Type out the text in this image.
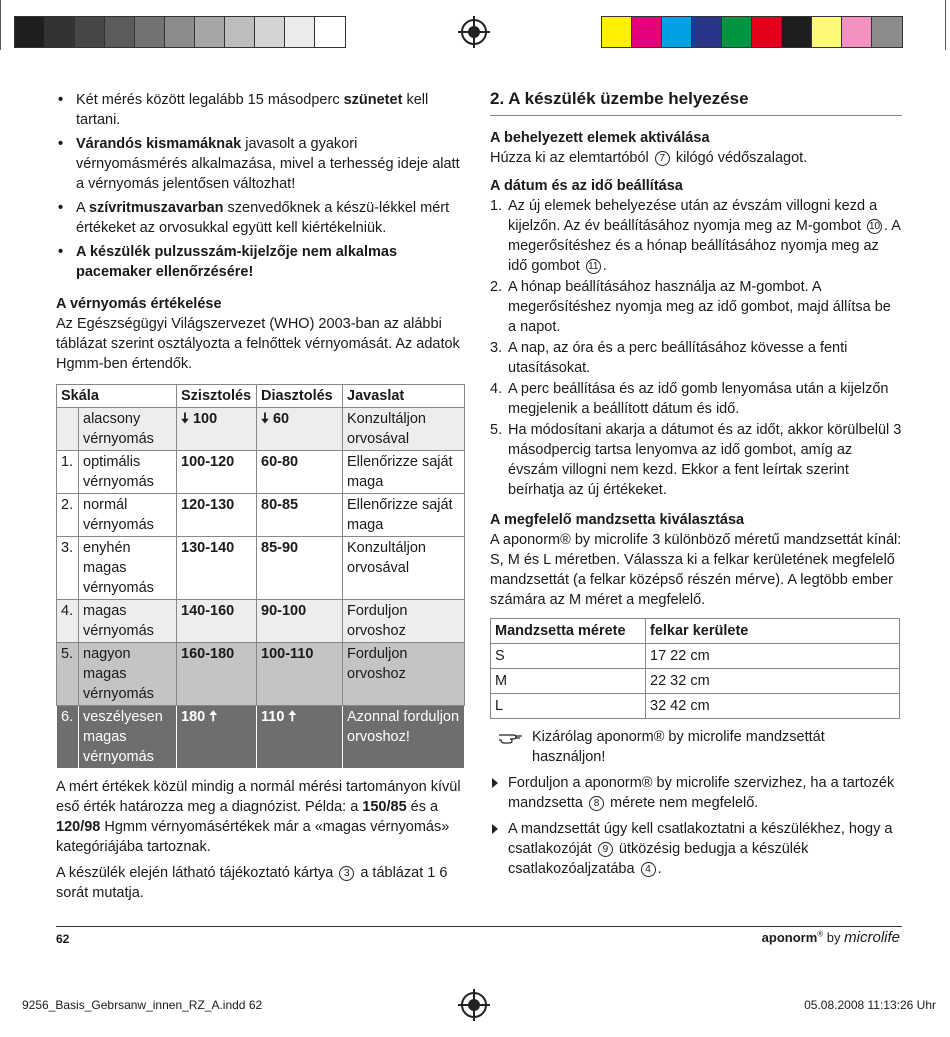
• Két mérés között legalább 15 másodperc szünetet kell tartani.
• Várandós kismamáknak javasolt a gyakori vérnyomásmérés alkalmazása, mivel a terhesség ideje alatt a vérnyomás jelentősen változhat!
• A szívritmuszavarban szenvedőknek a készü-lékkel mért értékeket az orvosukkal együtt kell kiértékelniük.
• A készülék pulzusszám-kijelzője nem alkalmas pacemaker ellenőrzésére!
A vérnyomás értékelése

Az Egészségügyi Világszervezet (WHO) 2003-ban az alábbi táblázat szerint osztályozta a felnőttek vérnyomását. Az adatok Hgmm-ben értendők.

Skála		Szisztolés	Diasztolés	Javaslat
	alacsony vérnyomás	🠇 100	🠇 60	Konzultáljon orvosával
1.	optimális vérnyomás	100-120	60-80	Ellenőrizze saját maga
2.	normál vérnyomás	120-130	80-85	Ellenőrizze saját maga
3.	enyhén magas vérnyomás	130-140	85-90	Konzultáljon orvosával
4.	magas vérnyomás	140-160	90-100	Forduljon orvoshoz
5.	nagyon magas vérnyomás	160-180	100-110	Forduljon orvoshoz
6.	veszélyesen magas vérnyomás	180 🠅	110 🠅	Azonnal forduljon orvoshoz!

A mért értékek közül mindig a normál mérési tartományon kívül eső érték határozza meg a diagnózist. Példa: a 150/85 és a 120/98 Hgmm vérnyomásértékek már a «magas vérnyomás» kategóriájába tartoznak.

A készülék elején látható tájékoztató kártya 3 a táblázat 1 6 sorát mutatja.

2. A készülék üzembe helyezése
A behelyezett elemek aktiválása

Húzza ki az elemtartóból 7 kilógó védőszalagot.

A dátum és az idő beállítása
1. Az új elemek behelyezése után az évszám villogni kezd a kijelzőn. Az év beállításához nyomja meg az M-gombot 10 . A megerősítéshez és a hónap beállításához nyomja meg az idő gombot 11 .
2. A hónap beállításához használja az M-gombot. A megerősítéshez nyomja meg az idő gombot, majd állítsa be a napot.
3. A nap, az óra és a perc beállításához kövesse a fenti utasításokat.
4. A perc beállítása és az idő gomb lenyomása után a kijelzőn megjelenik a beállított dátum és idő.
5. Ha módosítani akarja a dátumot és az időt, akkor körülbelül 3 másodpercig tartsa lenyomva az idő gombot, amíg az évszám villogni nem kezd. Ekkor a fent leírtak szerint beírhatja az új értékeket.
A megfelelő mandzsetta kiválasztása

A aponorm® by microlife 3 különböző méretű mandzsettát kínál: S, M és L méretben. Válassza ki a felkar kerületének megfelelő mandzsettát (a felkar középső részén mérve). A legtöbb ember számára az M méret a megfelelő.

Mandzsetta mérete	felkar kerülete
S	17 22 cm
M	22 32 cm
L	32 42 cm
Kizárólag aponorm® by microlife mandzsettát használjon!
Forduljon a aponorm® by microlife szervizhez, ha a tartozék mandzsetta 8 mérete nem megfelelő.
A mandzsettát úgy kell csatlakoztatni a készülékhez, hogy a csatlakozóját 9 ütközésig bedugja a készülék csatlakozóaljzatába 4 .
62	aponorm® by microlife
9256_Basis_Gebrsanw_innen_RZ_A.indd 62	05.08.2008 11:13:26 Uhr
